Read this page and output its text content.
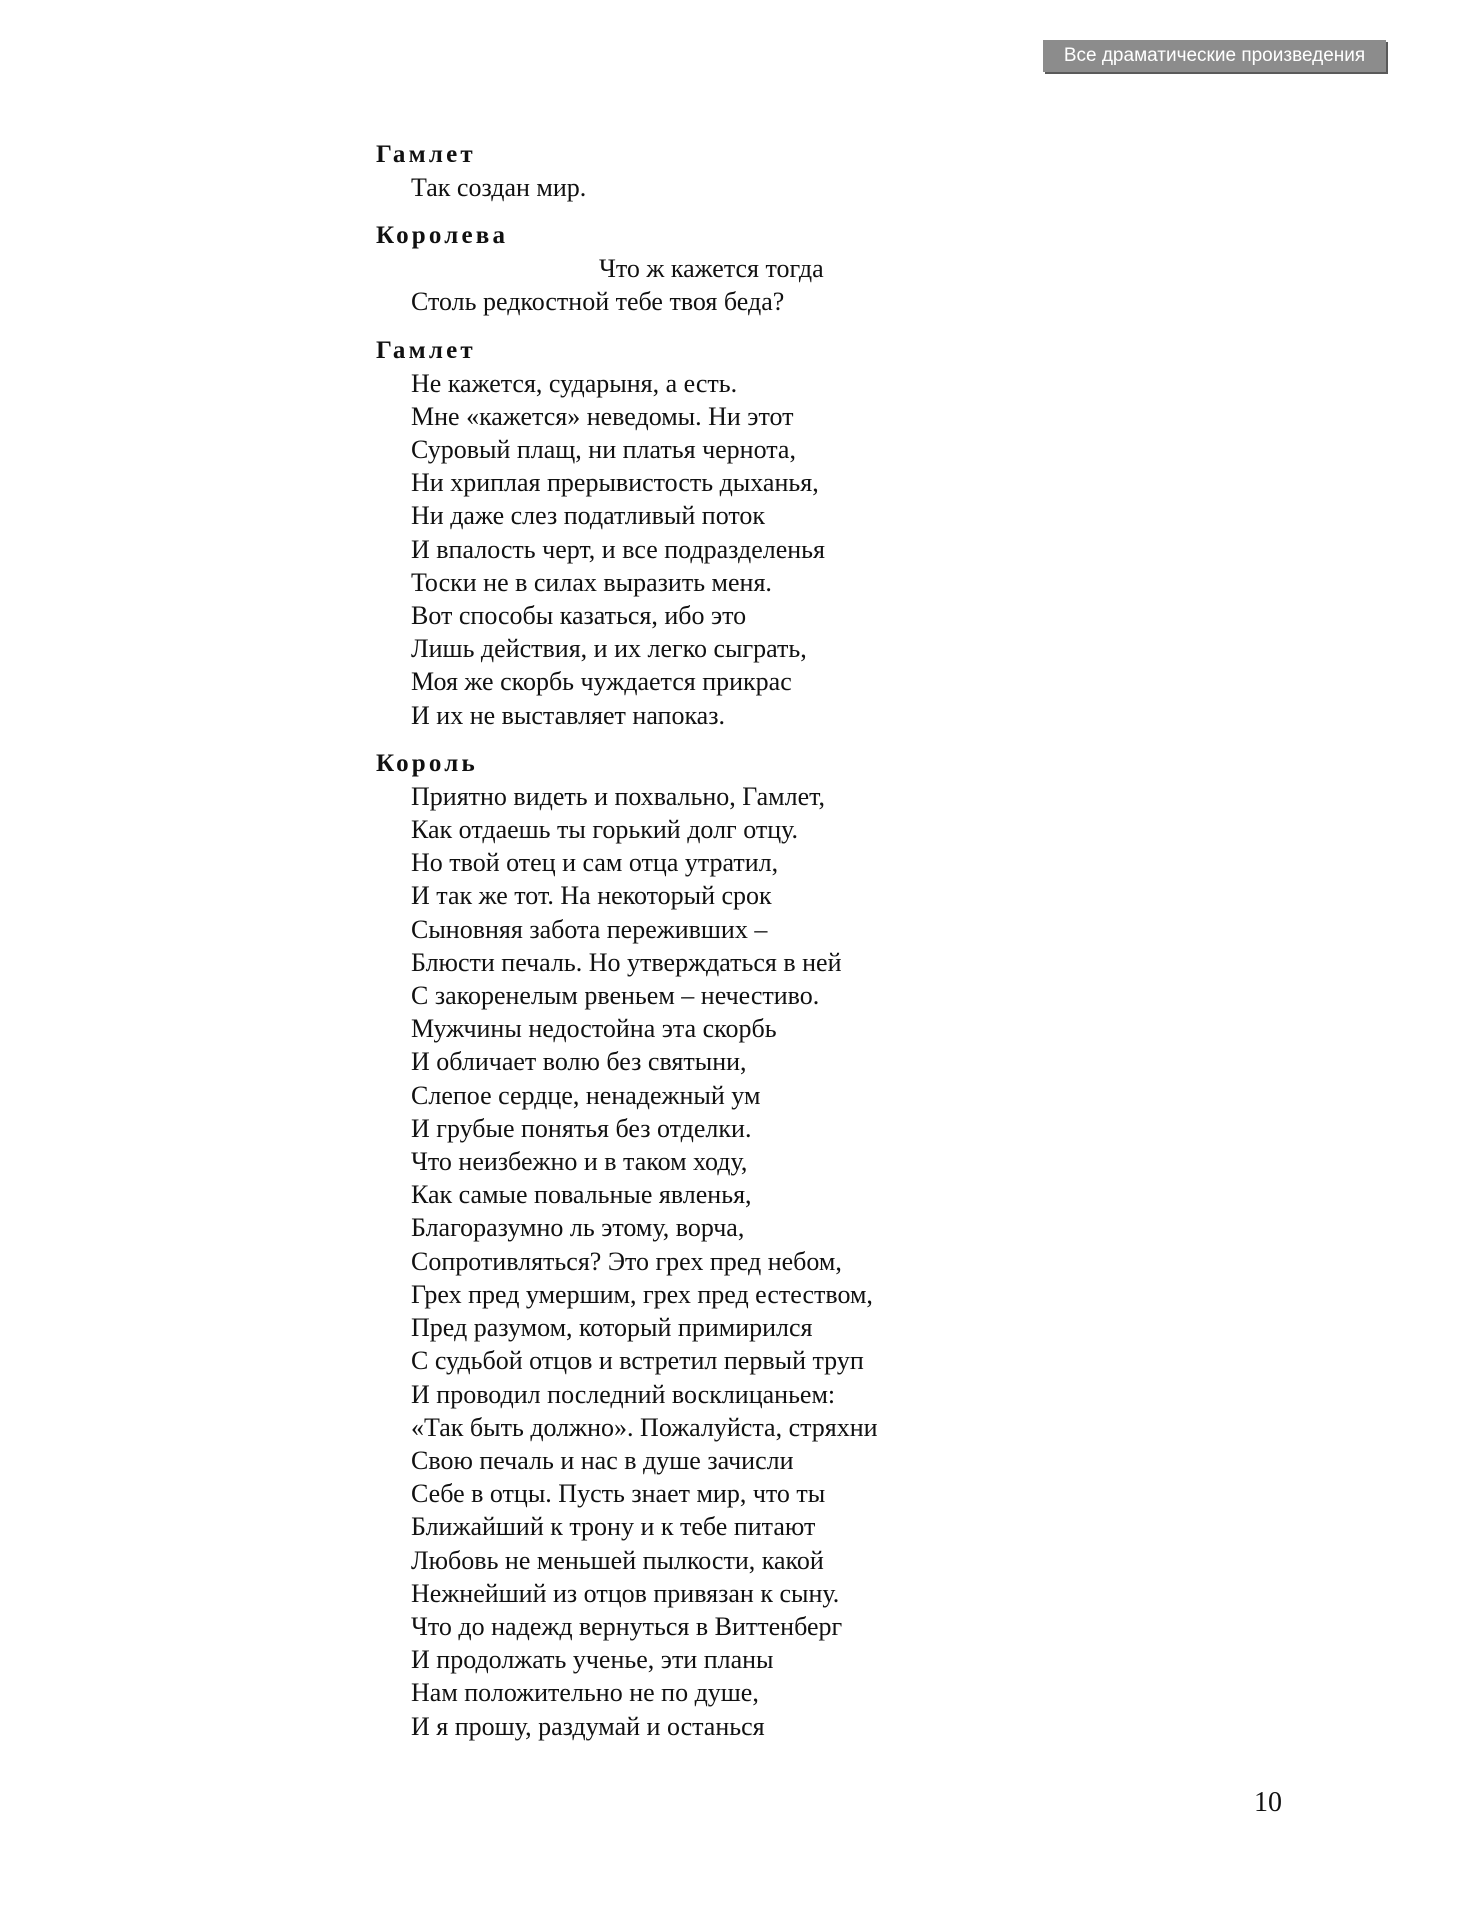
Все драматические произведения
Гамлет
Так создан мир.
Королева
Что ж кажется тогда
Столь редкостной тебе твоя беда?
Гамлет
Не кажется, сударыня, а есть.
Мне «кажется» неведомы. Ни этот
Суровый плащ, ни платья чернота,
Ни хриплая прерывистость дыханья,
Ни даже слез податливый поток
И впалость черт, и все подразделенья
Тоски не в силах выразить меня.
Вот способы казаться, ибо это
Лишь действия, и их легко сыграть,
Моя же скорбь чуждается прикрас
И их не выставляет напоказ.
Король
Приятно видеть и похвально, Гамлет,
Как отдаешь ты горький долг отцу.
Но твой отец и сам отца утратил,
И так же тот. На некоторый срок
Сыновняя забота переживших –
Блюсти печаль. Но утверждаться в ней
С закоренелым рвеньем – нечестиво.
Мужчины недостойна эта скорбь
И обличает волю без святыни,
Слепое сердце, ненадежный ум
И грубые понятья без отделки.
Что неизбежно и в таком ходу,
Как самые повальные явленья,
Благоразумно ль этому, ворча,
Сопротивляться? Это грех пред небом,
Грех пред умершим, грех пред естеством,
Пред разумом, который примирился
С судьбой отцов и встретил первый труп
И проводил последний восклицаньем:
«Так быть должно». Пожалуйста, стряхни
Свою печаль и нас в душе зачисли
Себе в отцы. Пусть знает мир, что ты
Ближайший к трону и к тебе питают
Любовь не меньшей пылкости, какой
Нежнейший из отцов привязан к сыну.
Что до надежд вернуться в Виттенберг
И продолжать ученье, эти планы
Нам положительно не по душе,
И я прошу, раздумай и останься
10
